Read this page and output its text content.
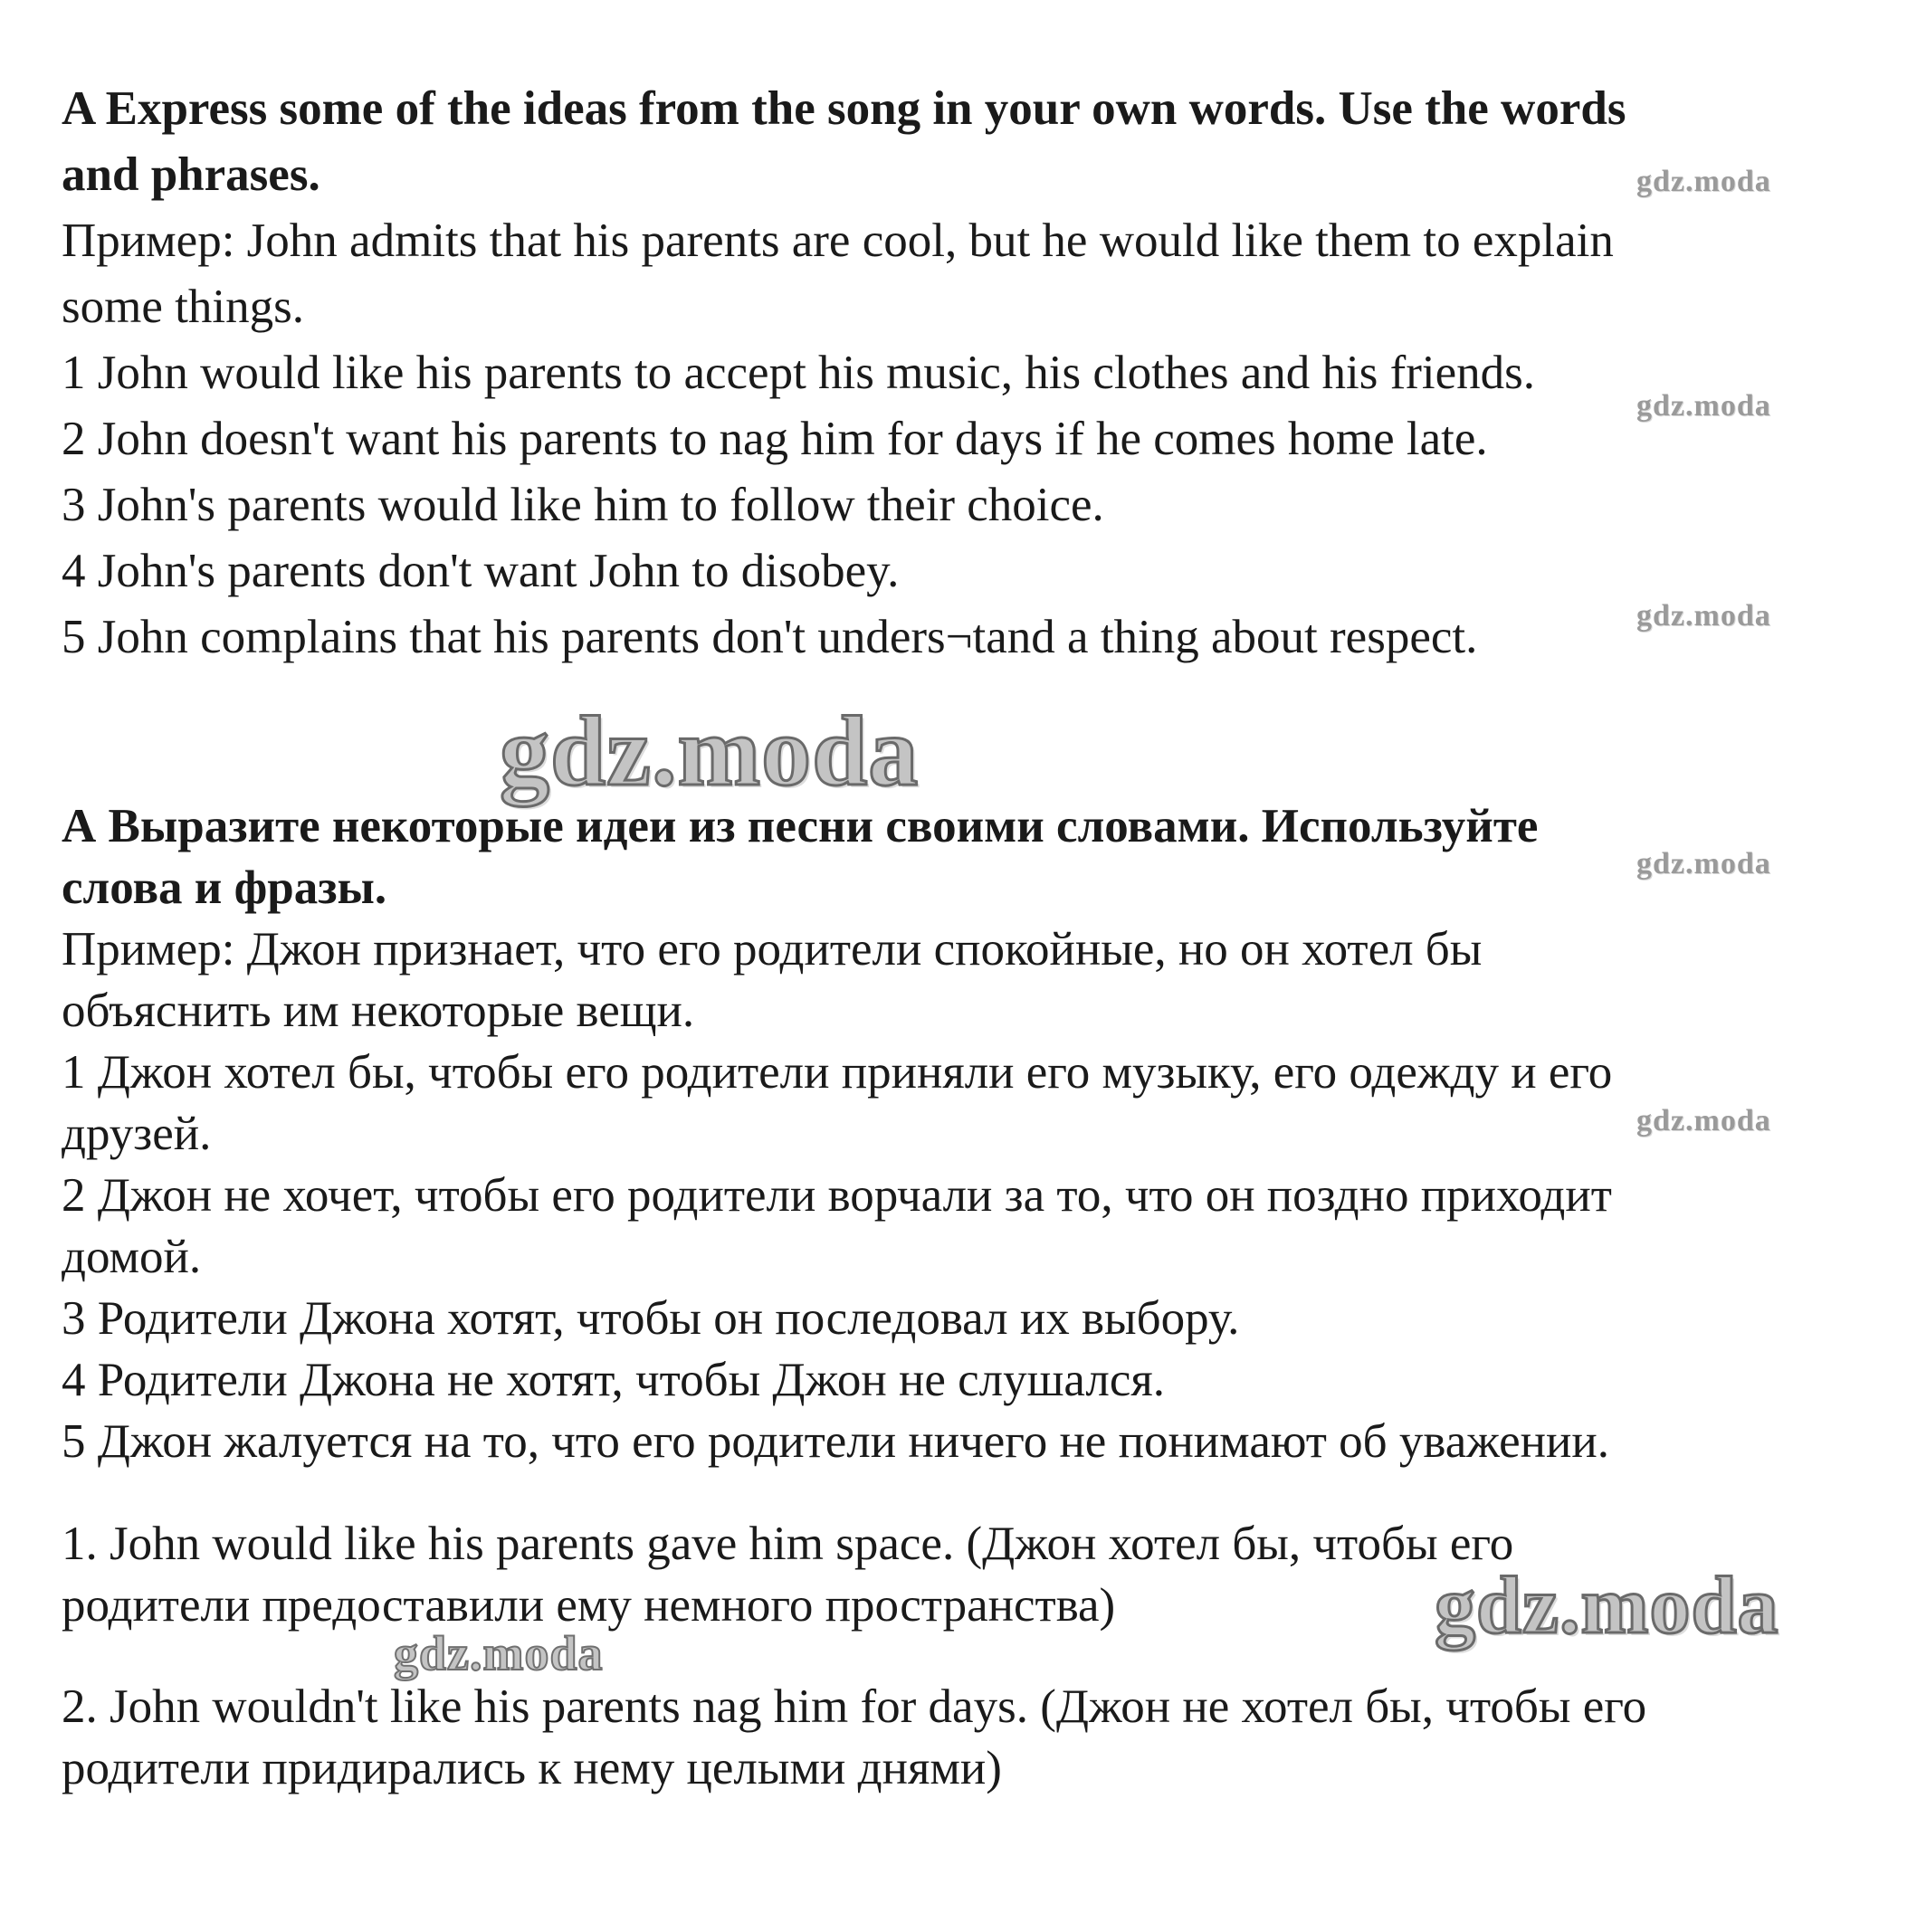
A Express some of the ideas from the song in your own words. Use the words
and phrases.
Пример: John admits that his parents are cool, but he would like them to explain
some things.
1 John would like his parents to accept his music, his clothes and his friends.
2 John doesn't want his parents to nag him for days if he comes home late.
3 John's parents would like him to follow their choice.
4 John's parents don't want John to disobey.
5 John complains that his parents don't unders¬tand a thing about respect.
А Выразите некоторые идеи из песни своими словами. Используйте
слова и фразы.
Пример: Джон признает, что его родители спокойные, но он хотел бы
объяснить им некоторые вещи.
1 Джон хотел бы, чтобы его родители приняли его музыку, его одежду и его
друзей.
2 Джон не хочет, чтобы его родители ворчали за то, что он поздно приходит
домой.
3 Родители Джона хотят, чтобы он последовал их выбору.
4 Родители Джона не хотят, чтобы Джон не слушался.
5 Джон жалуется на то, что его родители ничего не понимают об уважении.
1. John would like his parents gave him space. (Джон хотел бы, чтобы его
родители предоставили ему немного пространства)
2. John wouldn't like his parents nag him for days. (Джон не хотел бы, чтобы его
родители придирались к нему целыми днями)
gdz.moda
gdz.moda
gdz.moda
gdz.moda
gdz.moda
gdz.moda
gdz.moda
gdz.moda
